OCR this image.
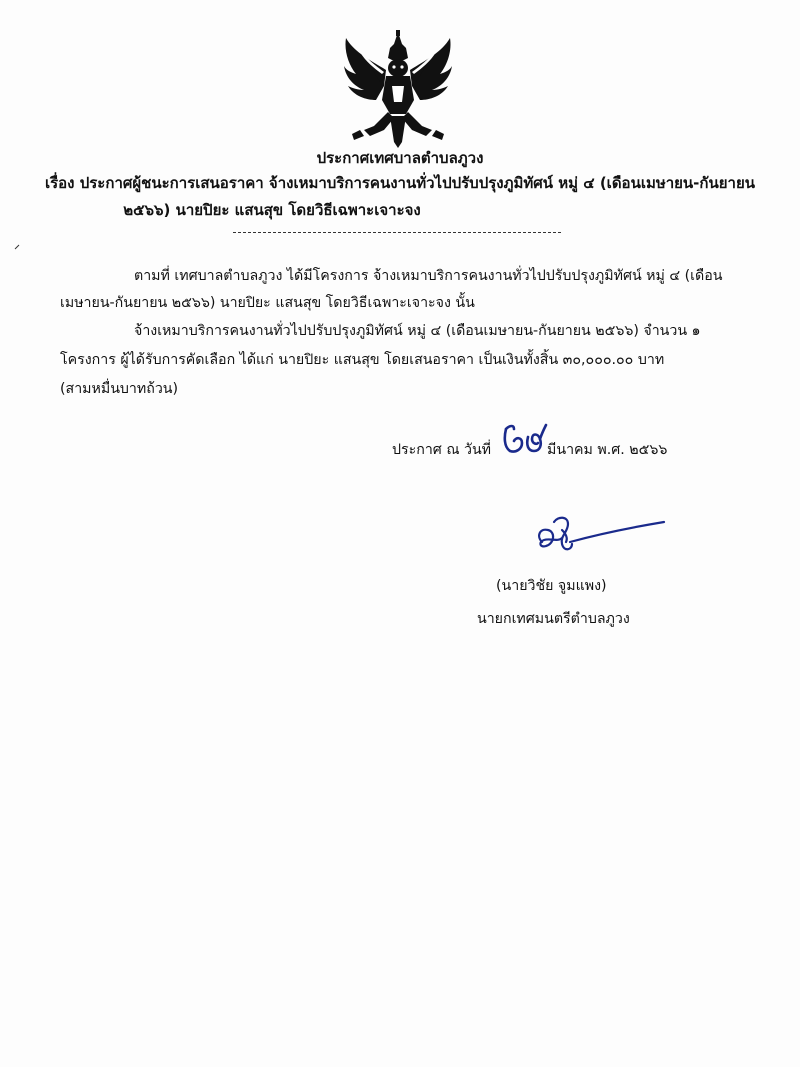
ประกาศเทศบาลตำบลภูวง
เรื่อง ประกาศผู้ชนะการเสนอราคา จ้างเหมาบริการคนงานทั่วไปปรับปรุงภูมิทัศน์ หมู่ ๔ (เดือนเมษายน-กันยายน
๒๕๖๖) นายปิยะ แสนสุข โดยวิธีเฉพาะเจาะจง
ตามที่ เทศบาลตำบลภูวง ได้มีโครงการ จ้างเหมาบริการคนงานทั่วไปปรับปรุงภูมิทัศน์ หมู่ ๔ (เดือน
เมษายน-กันยายน ๒๕๖๖) นายปิยะ แสนสุข โดยวิธีเฉพาะเจาะจง นั้น
จ้างเหมาบริการคนงานทั่วไปปรับปรุงภูมิทัศน์ หมู่ ๔ (เดือนเมษายน-กันยายน ๒๕๖๖) จำนวน ๑
โครงการ ผู้ได้รับการคัดเลือก ได้แก่ นายปิยะ แสนสุข โดยเสนอราคา เป็นเงินทั้งสิ้น ๓๐,๐๐๐.๐๐ บาท
(สามหมื่นบาทถ้วน)
ประกาศ ณ วันที่	มีนาคม พ.ศ. ๒๕๖๖
(นายวิชัย จูมแพง)
นายกเทศมนตรีตำบลภูวง
